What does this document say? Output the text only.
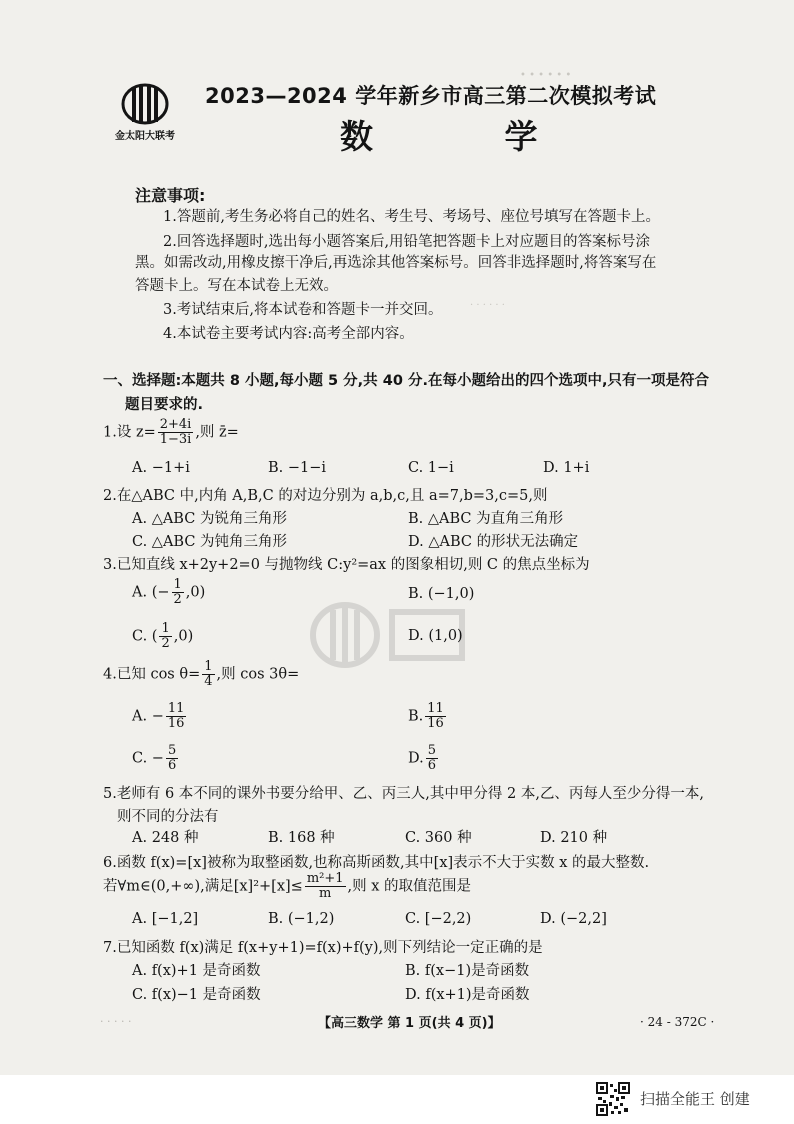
金太阳大联考
2023—2024 学年新乡市高三第二次模拟考试
数 学
• • • • • •
· · · · · ·
注意事项:
1.答题前,考生务必将自己的姓名、考生号、考场号、座位号填写在答题卡上。
2.回答选择题时,选出每小题答案后,用铅笔把答题卡上对应题目的答案标号涂
黑。如需改动,用橡皮擦干净后,再选涂其他答案标号。回答非选择题时,将答案写在
答题卡上。写在本试卷上无效。
3.考试结束后,将本试卷和答题卡一并交回。
4.本试卷主要考试内容:高考全部内容。
一、选择题:本题共 8 小题,每小题 5 分,共 40 分.在每小题给出的四个选项中,只有一项是符合
题目要求的.
1.设 $z= \frac{2+4i}{1-3i}$ ,则 z̄=
A. −1+i	B. −1−i	C. 1−i	D. 1+i
2.在△ABC 中,内角 A,B,C 的对边分别为 a,b,c,且 a=7,b=3,c=5,则
A. △ABC 为锐角三角形	B. △ABC 为直角三角形
C. △ABC 为钝角三角形	D. △ABC 的形状无法确定
3.已知直线 x+2y+2=0 与抛物线 C:y²=ax 的图象相切,则 C 的焦点坐标为
A. (− $\frac{1}{2} ,0$)	B. (−1,0)
C. ( $\frac{1}{2} ,0$)	D. (1,0)
4.已知 $\cos \theta= \frac{1}{4}$ ,则 cos 3θ=
A. − $\frac{11}{16}$	B. $\frac{11}{16}$
C. − $\frac{5}{6}$	D. $\frac{5}{6}$
5.老师有 6 本不同的课外书要分给甲、乙、丙三人,其中甲分得 2 本,乙、丙每人至少分得一本,
则不同的分法有
A. 248 种	B. 168 种	C. 360 种	D. 210 种
6.函数 f(x)=[x]被称为取整函数,也称高斯函数,其中[x]表示不大于实数 x 的最大整数.
若∀m∈(0,+∞),满足$[x]^2+[x]\le \frac{\text{m²+1}}{m}$ ,则 x 的取值范围是
A. [−1,2]	B. (−1,2)	C. [−2,2)	D. (−2,2]
7.已知函数 f(x)满足 f(x+y+1)=f(x)+f(y),则下列结论一定正确的是
A. f(x)+1 是奇函数	B. f(x−1)是奇函数
C. f(x)−1 是奇函数	D. f(x+1)是奇函数
· · · · ·	【高三数学 第 1 页(共 4 页)】	· 24 - 372C ·
扫描全能王 创建
